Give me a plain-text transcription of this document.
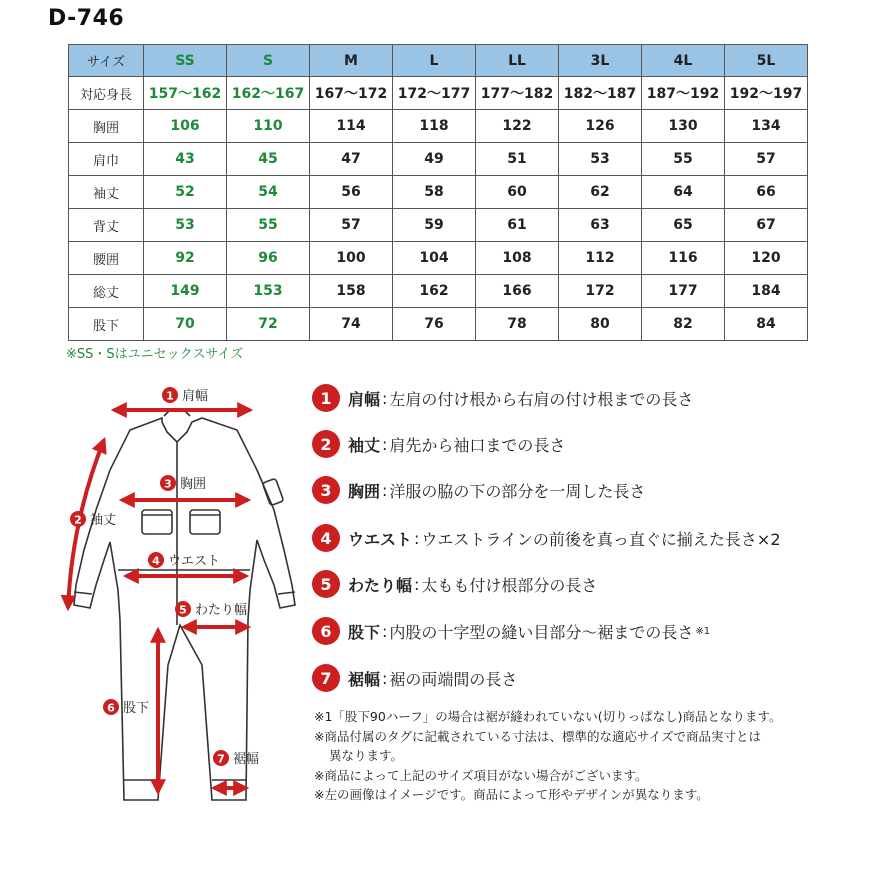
D-746
サイズ	SS	S	M	L	LL	3L	4L	5L
対応身長	157〜162	162〜167	167〜172	172〜177	177〜182	182〜187	187〜192	192〜197
胸囲	106	110	114	118	122	126	130	134
肩巾	43	45	47	49	51	53	55	57
袖丈	52	54	56	58	60	62	64	66
背丈	53	55	57	59	61	63	65	67
腰囲	92	96	100	104	108	112	116	120
総丈	149	153	158	162	166	172	177	184
股下	70	72	74	76	78	80	82	84
※SS・Sはユニセックスサイズ
1 肩幅
2 袖丈
3 胸囲
4 ウエスト
5 わたり幅
6 股下
7 裾幅
1	肩幅 : 左肩の付け根から右肩の付け根までの長さ
2	袖丈 : 肩先から袖口までの長さ
3	胸囲 : 洋服の脇の下の部分を一周した長さ
4	ウエスト : ウエストラインの前後を真っ直ぐに揃えた長さ×2
5	わたり幅 : 太もも付け根部分の長さ
6	股下 : 内股の十字型の縫い目部分〜裾までの長さ ※1
7	裾幅 : 裾の両端間の長さ
※1「股下90ハーフ」の場合は裾が縫われていない(切りっぱなし)商品となります。
※商品付属のタグに記載されている寸法は、標準的な適応サイズで商品実寸とは
異なります。
※商品によって上記のサイズ項目がない場合がございます。
※左の画像はイメージです。商品によって形やデザインが異なります。
